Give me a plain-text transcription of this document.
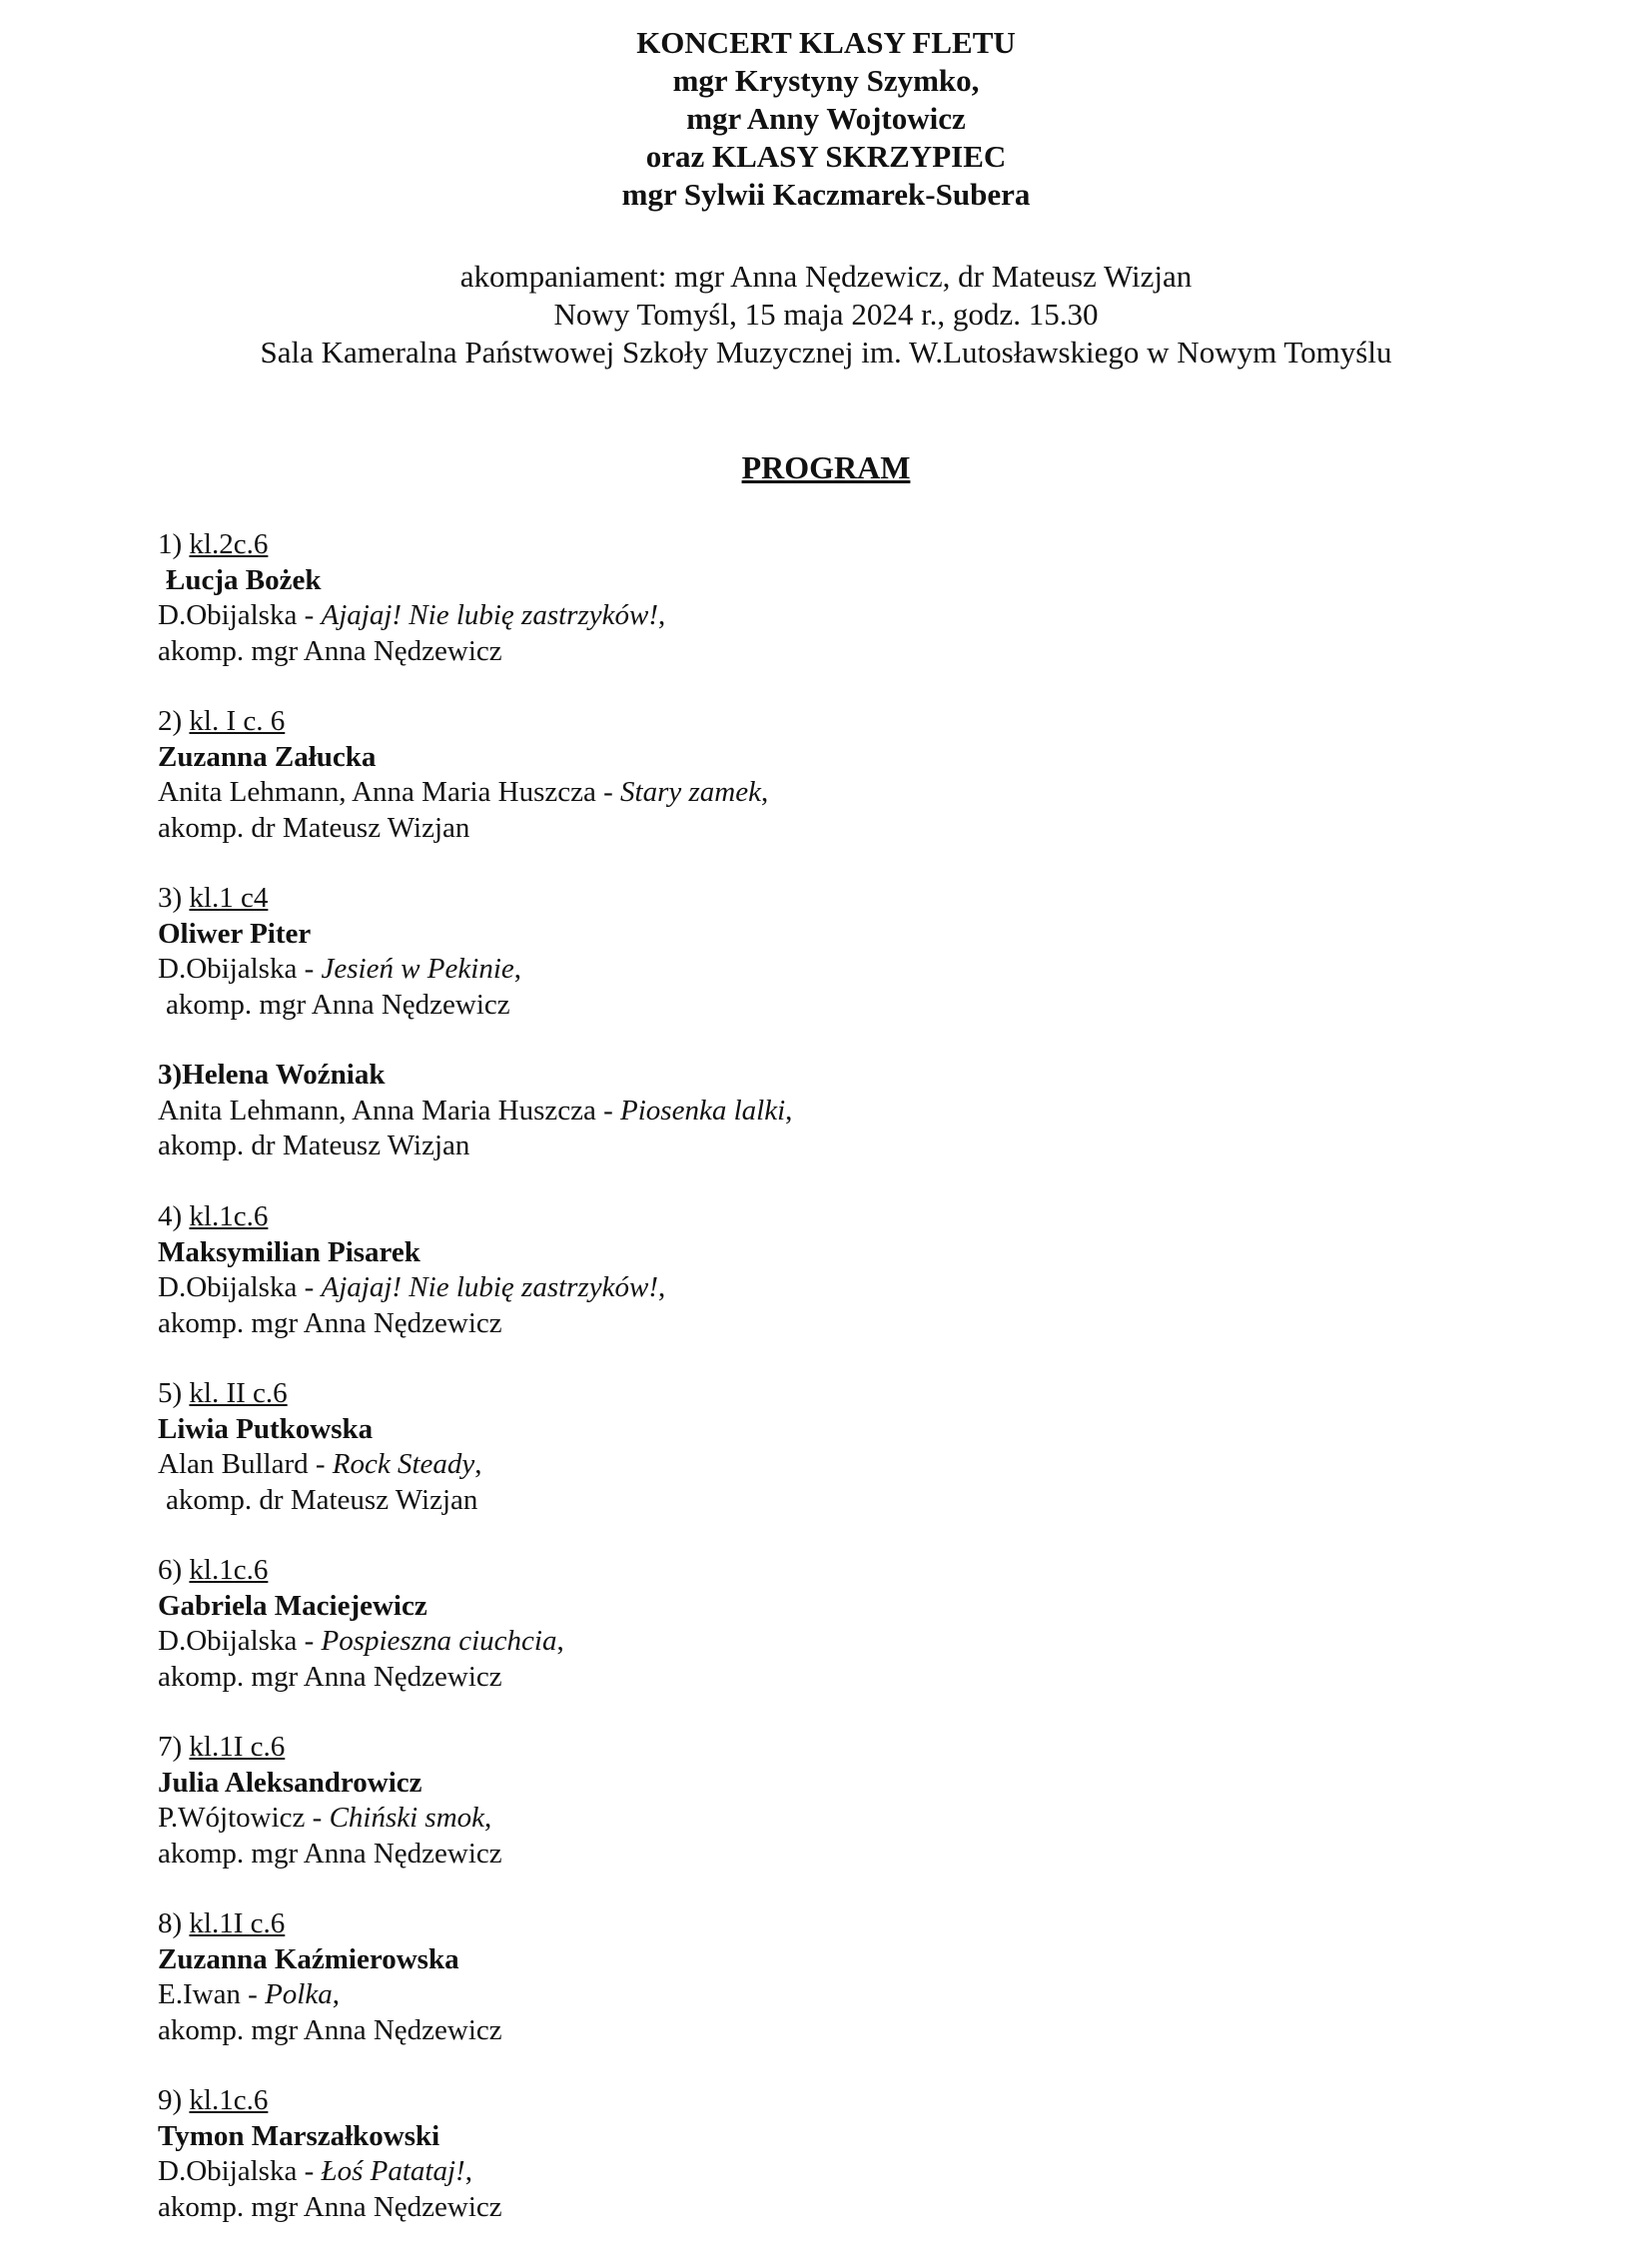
KONCERT KLASY FLETU
mgr Krystyny Szymko,
mgr Anny Wojtowicz
oraz KLASY SKRZYPIEC
mgr Sylwii Kaczmarek-Subera
akompaniament: mgr Anna Nędzewicz, dr Mateusz Wizjan
Nowy Tomyśl, 15 maja 2024 r., godz. 15.30
Sala Kameralna Państwowej Szkoły Muzycznej im. W.Lutosławskiego w Nowym Tomyślu
PROGRAM
1) kl.2c.6
Łucja Bożek
D.Obijalska - Ajajaj! Nie lubię zastrzyków!,
akomp. mgr Anna Nędzewicz
2) kl. I c. 6
Zuzanna Załucka
Anita Lehmann, Anna Maria Huszcza - Stary zamek,
akomp. dr Mateusz Wizjan
3) kl.1 c4
Oliwer Piter
D.Obijalska - Jesień w Pekinie,
akomp. mgr Anna Nędzewicz
3)Helena Woźniak
Anita Lehmann, Anna Maria Huszcza - Piosenka lalki,
akomp. dr Mateusz Wizjan
4) kl.1c.6
Maksymilian Pisarek
D.Obijalska - Ajajaj! Nie lubię zastrzyków!,
akomp. mgr Anna Nędzewicz
5) kl. II c.6
Liwia Putkowska
Alan Bullard - Rock Steady,
akomp. dr Mateusz Wizjan
6) kl.1c.6
Gabriela Maciejewicz
D.Obijalska - Pospieszna ciuchcia,
akomp. mgr Anna Nędzewicz
7) kl.1I c.6
Julia Aleksandrowicz
P.Wójtowicz - Chiński smok,
akomp. mgr Anna Nędzewicz
8) kl.1I c.6
Zuzanna Kaźmierowska
E.Iwan - Polka,
akomp. mgr Anna Nędzewicz
9) kl.1c.6
Tymon Marszałkowski
D.Obijalska - Łoś Patataj!,
akomp. mgr Anna Nędzewicz
